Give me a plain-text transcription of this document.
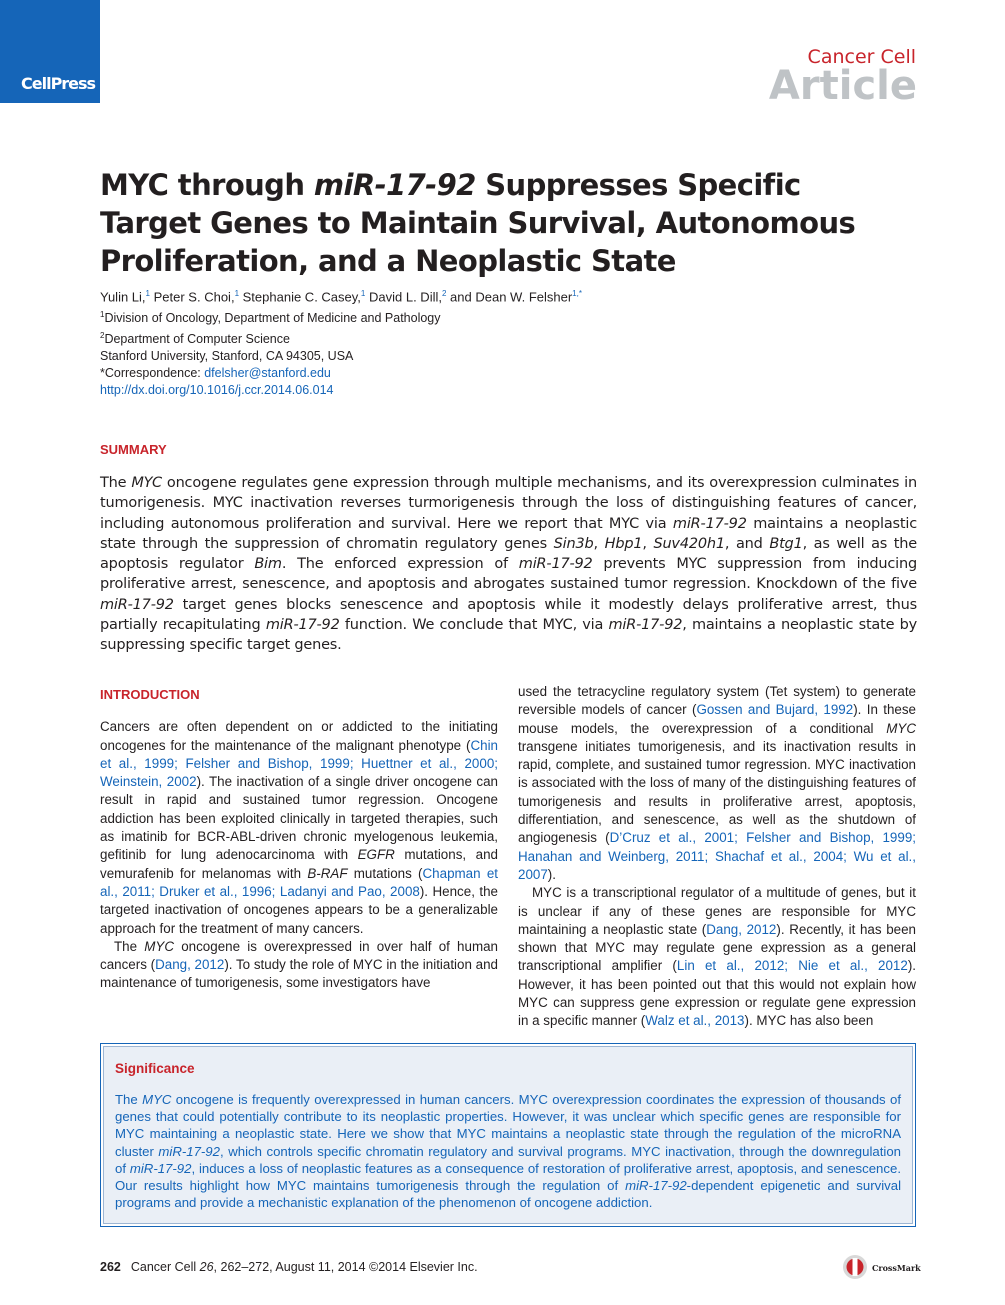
CellPress
Cancer Cell
Article
MYC through miR-17-92 Suppresses Specific Target Genes to Maintain Survival, Autonomous Proliferation, and a Neoplastic State
Yulin Li,$^1$ Peter S. Choi,$^1$ Stephanie C. Casey,$^1$ David L. Dill,$^2$ and Dean W. Felsher$^{1,*}$
$^1$Division of Oncology, Department of Medicine and Pathology
$^2$Department of Computer Science
Stanford University, Stanford, CA 94305, USA
*Correspondence: dfelsher@stanford.edu
http://dx.doi.org/10.1016/j.ccr.2014.06.014
SUMMARY
The MYC oncogene regulates gene expression through multiple mechanisms, and its overexpression culminates in tumorigenesis. MYC inactivation reverses turmorigenesis through the loss of distinguishing features of cancer, including autonomous proliferation and survival. Here we report that MYC via miR-17-92 maintains a neoplastic state through the suppression of chromatin regulatory genes Sin3b, Hbp1, Suv420h1, and Btg1, as well as the apoptosis regulator Bim. The enforced expression of miR-17-92 prevents MYC suppression from inducing proliferative arrest, senescence, and apoptosis and abrogates sustained tumor regression. Knockdown of the five miR-17-92 target genes blocks senescence and apoptosis while it modestly delays proliferative arrest, thus partially recapitulating miR-17-92 function. We conclude that MYC, via miR-17-92, maintains a neoplastic state by suppressing specific target genes.
INTRODUCTION

Cancers are often dependent on or addicted to the initiating oncogenes for the maintenance of the malignant phenotype (Chin et al., 1999; Felsher and Bishop, 1999; Huettner et al., 2000; Weinstein, 2002). The inactivation of a single driver oncogene can result in rapid and sustained tumor regression. Oncogene addiction has been exploited clinically in targeted therapies, such as imatinib for BCR-ABL-driven chronic myelogenous leukemia, gefitinib for lung adenocarcinoma with EGFR mutations, and vemurafenib for melanomas with B-RAF mutations (Chapman et al., 2011; Druker et al., 1996; Ladanyi and Pao, 2008). Hence, the targeted inactivation of oncogenes appears to be a generalizable approach for the treatment of many cancers.

The MYC oncogene is overexpressed in over half of human cancers (Dang, 2012). To study the role of MYC in the initiation and maintenance of tumorigenesis, some investigators have

used the tetracycline regulatory system (Tet system) to generate reversible models of cancer (Gossen and Bujard, 1992). In these mouse models, the overexpression of a conditional MYC transgene initiates tumorigenesis, and its inactivation results in rapid, complete, and sustained tumor regression. MYC inactivation is associated with the loss of many of the distinguishing features of tumorigenesis and results in proliferative arrest, apoptosis, differentiation, and senescence, as well as the shutdown of angiogenesis (D’Cruz et al., 2001; Felsher and Bishop, 1999; Hanahan and Weinberg, 2011; Shachaf et al., 2004; Wu et al., 2007).

MYC is a transcriptional regulator of a multitude of genes, but it is unclear if any of these genes are responsible for MYC maintaining a neoplastic state (Dang, 2012). Recently, it has been shown that MYC may regulate gene expression as a general transcriptional amplifier (Lin et al., 2012; Nie et al., 2012). However, it has been pointed out that this would not explain how MYC can suppress gene expression or regulate gene expression in a specific manner (Walz et al., 2013). MYC has also been

Significance
The MYC oncogene is frequently overexpressed in human cancers. MYC overexpression coordinates the expression of thousands of genes that could potentially contribute to its neoplastic properties. However, it was unclear which specific genes are responsible for MYC maintaining a neoplastic state. Here we show that MYC maintains a neoplastic state through the regulation of the microRNA cluster miR-17-92, which controls specific chromatin regulatory and survival programs. MYC inactivation, through the downregulation of miR-17-92, induces a loss of neoplastic features as a consequence of restoration of proliferative arrest, apoptosis, and senescence. Our results highlight how MYC maintains tumorigenesis through the regulation of miR-17-92-dependent epigenetic and survival programs and provide a mechanistic explanation of the phenomenon of oncogene addiction.
262 Cancer Cell 26, 262–272, August 11, 2014 ©2014 Elsevier Inc.	CrossMark
